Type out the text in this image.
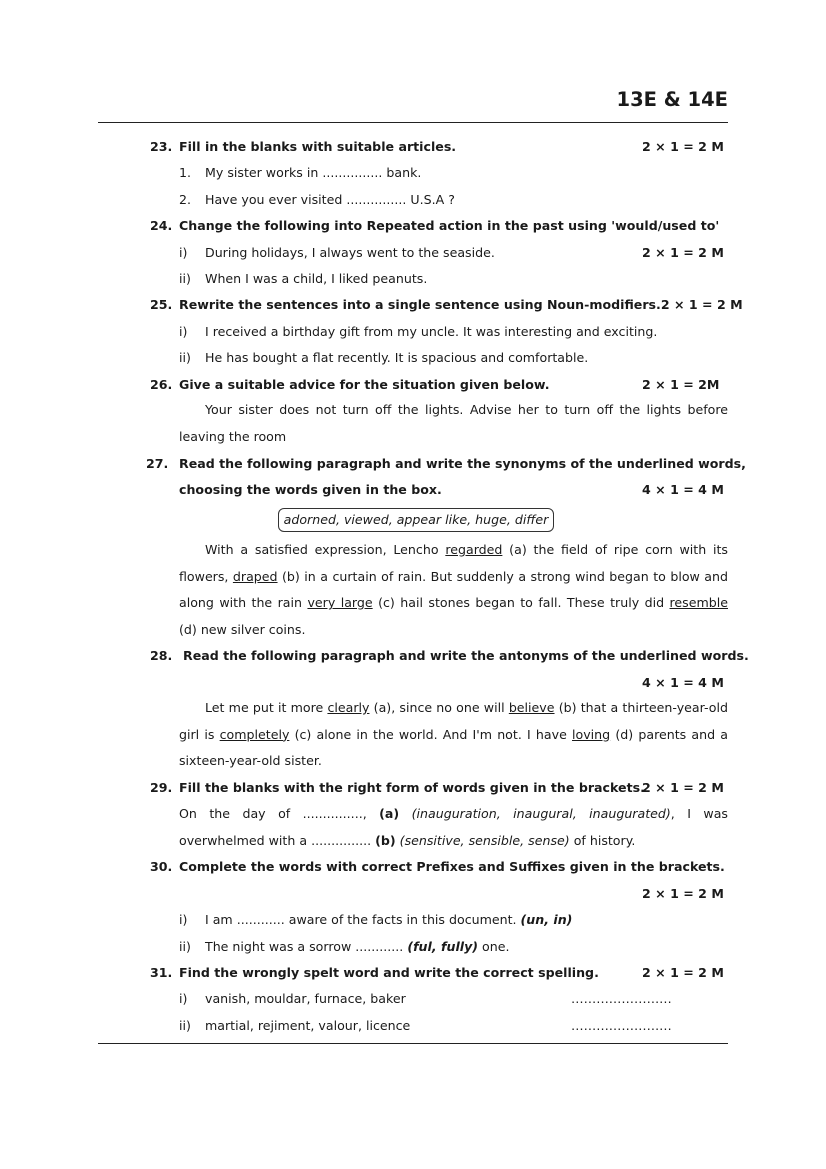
13E & 14E
23. Fill in the blanks with suitable articles.	2 × 1 = 2 M
1. My sister works in ............... bank.
2. Have you ever visited ............... U.S.A ?
24. Change the following into Repeated action in the past using 'would/used to'
i) During holidays, I always went to the seaside.	2 × 1 = 2 M
ii) When I was a child, I liked peanuts.
25. Rewrite the sentences into a single sentence using Noun-modifiers.2 × 1 = 2 M
i) I received a birthday gift from my uncle. It was interesting and exciting.
ii) He has bought a flat recently. It is spacious and comfortable.
26. Give a suitable advice for the situation given below.	2 × 1 = 2M
Your sister does not turn off the lights. Advise her to turn off the lights before leaving the room
27. Read the following paragraph and write the synonyms of the underlined words,
choosing the words given in the box.	4 × 1 = 4 M
adorned, viewed, appear like, huge, differ
With a satisfied expression, Lencho regarded (a) the field of ripe corn with its flowers, draped (b) in a curtain of rain. But suddenly a strong wind began to blow and along with the rain very large (c) hail stones began to fall. These truly did resemble (d) new silver coins.
28. Read the following paragraph and write the antonyms of the underlined words.
4 × 1 = 4 M
Let me put it more clearly (a), since no one will believe (b) that a thirteen-year-old girl is completely (c) alone in the world. And I'm not. I have loving (d) parents and a sixteen-year-old sister.
29. Fill the blanks with the right form of words given in the brackets.
2 × 1 = 2 M
On the day of ..............., (a) (inauguration, inaugural, inaugurated), I was overwhelmed with a ............... (b) (sensitive, sensible, sense) of history.
30. Complete the words with correct Prefixes and Suffixes given in the brackets.
2 × 1 = 2 M
i) I am ............ aware of the facts in this document. (un, in)
ii) The night was a sorrow ............ (ful, fully) one.
31. Find the wrongly spelt word and write the correct spelling.	2 × 1 = 2 M
i) vanish, mouldar, furnace, baker	……………………
ii) martial, rejiment, valour, licence	……………………
